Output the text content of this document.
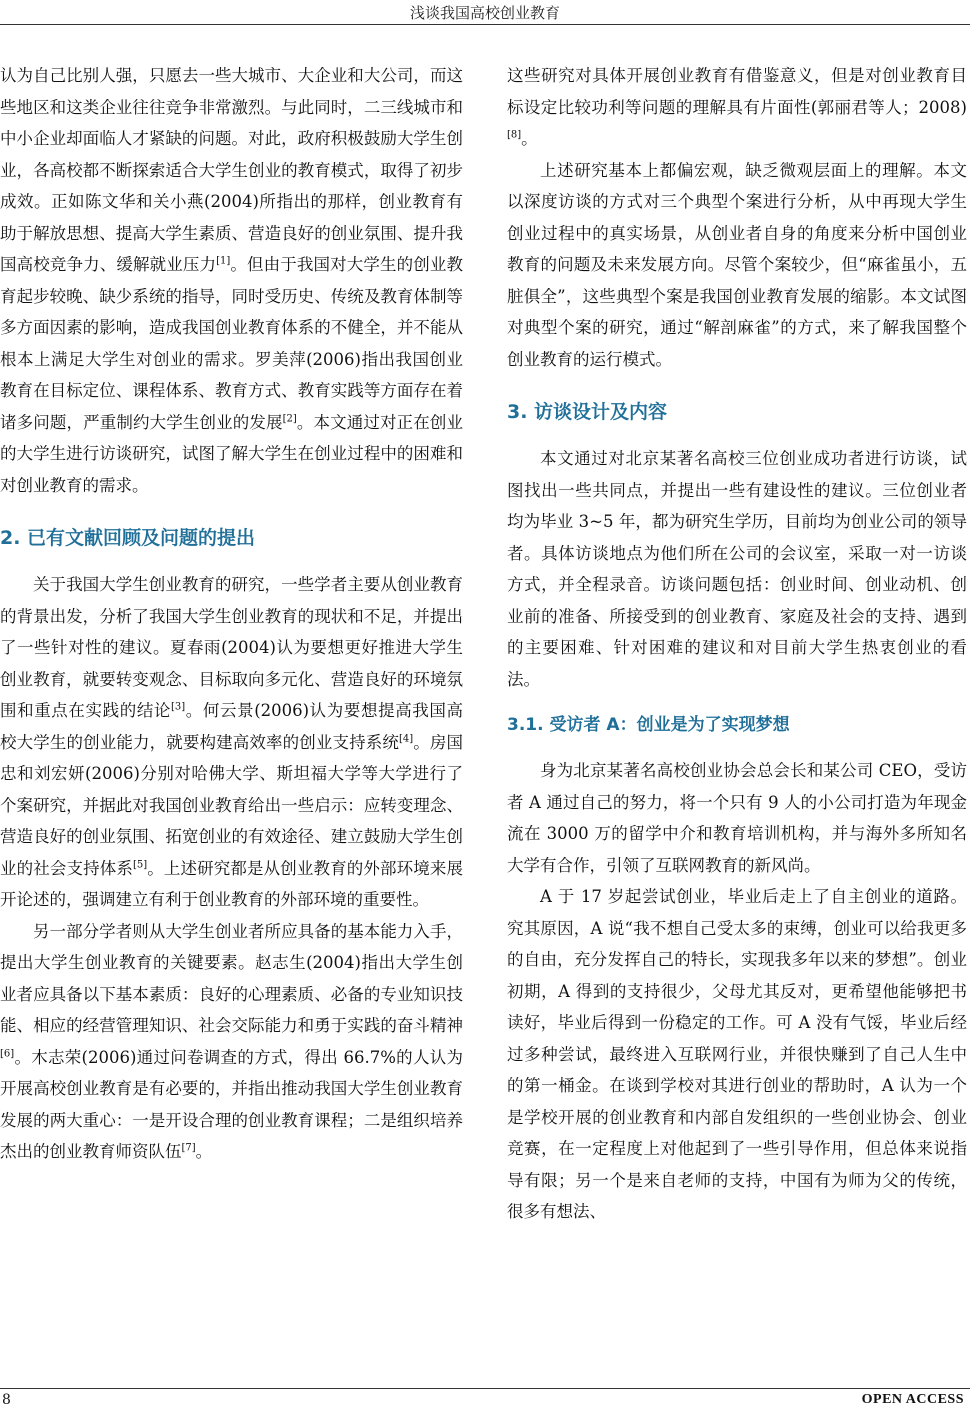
浅谈我国高校创业教育

认为自己比别人强，只愿去一些大城市、大企业和大公司，而这些地区和这类企业往往竞争非常激烈。与此同时，二三线城市和中小企业却面临人才紧缺的问题。对此，政府积极鼓励大学生创业，各高校都不断探索适合大学生创业的教育模式，取得了初步成效。正如陈文华和关小燕(2004)所指出的那样，创业教育有助于解放思想、提高大学生素质、营造良好的创业氛围、提升我国高校竞争力、缓解就业压力[1]。但由于我国对大学生的创业教育起步较晚、缺少系统的指导，同时受历史、传统及教育体制等多方面因素的影响，造成我国创业教育体系的不健全，并不能从根本上满足大学生对创业的需求。罗美萍(2006)指出我国创业教育在目标定位、课程体系、教育方式、教育实践等方面存在着诸多问题，严重制约大学生创业的发展[2]。本文通过对正在创业的大学生进行访谈研究，试图了解大学生在创业过程中的困难和对创业教育的需求。

2. 已有文献回顾及问题的提出

关于我国大学生创业教育的研究，一些学者主要从创业教育的背景出发，分析了我国大学生创业教育的现状和不足，并提出了一些针对性的建议。夏春雨(2004)认为要想更好推进大学生创业教育，就要转变观念、目标取向多元化、营造良好的环境氛围和重点在实践的结论[3]。何云景(2006)认为要想提高我国高校大学生的创业能力，就要构建高效率的创业支持系统[4]。房国忠和刘宏妍(2006)分别对哈佛大学、斯坦福大学等大学进行了个案研究，并据此对我国创业教育给出一些启示：应转变理念、营造良好的创业氛围、拓宽创业的有效途径、建立鼓励大学生创业的社会支持体系[5]。上述研究都是从创业教育的外部环境来展开论述的，强调建立有利于创业教育的外部环境的重要性。

另一部分学者则从大学生创业者所应具备的基本能力入手，提出大学生创业教育的关键要素。赵志生(2004)指出大学生创业者应具备以下基本素质：良好的心理素质、必备的专业知识技能、相应的经营管理知识、社会交际能力和勇于实践的奋斗精神[6]。木志荣(2006)通过问卷调查的方式，得出 66.7%的人认为开展高校创业教育是有必要的，并指出推动我国大学生创业教育发展的两大重心：一是开设合理的创业教育课程；二是组织培养杰出的创业教育师资队伍[7]。

这些研究对具体开展创业教育有借鉴意义，但是对创业教育目标设定比较功利等问题的理解具有片面性(郭丽君等人；2008)[8]。

上述研究基本上都偏宏观，缺乏微观层面上的理解。本文以深度访谈的方式对三个典型个案进行分析，从中再现大学生创业过程中的真实场景，从创业者自身的角度来分析中国创业教育的问题及未来发展方向。尽管个案较少，但“麻雀虽小，五脏俱全”，这些典型个案是我国创业教育发展的缩影。本文试图对典型个案的研究，通过“解剖麻雀”的方式，来了解我国整个创业教育的运行模式。

3. 访谈设计及内容

本文通过对北京某著名高校三位创业成功者进行访谈，试图找出一些共同点，并提出一些有建设性的建议。三位创业者均为毕业 3~5 年，都为研究生学历，目前均为创业公司的领导者。具体访谈地点为他们所在公司的会议室，采取一对一访谈方式，并全程录音。访谈问题包括：创业时间、创业动机、创业前的准备、所接受到的创业教育、家庭及社会的支持、遇到的主要困难、针对困难的建议和对目前大学生热衷创业的看法。

3.1. 受访者 A：创业是为了实现梦想

身为北京某著名高校创业协会总会长和某公司 CEO，受访者 A 通过自己的努力，将一个只有 9 人的小公司打造为年现金流在 3000 万的留学中介和教育培训机构，并与海外多所知名大学有合作，引领了互联网教育的新风尚。

A 于 17 岁起尝试创业，毕业后走上了自主创业的道路。究其原因，A 说“我不想自己受太多的束缚，创业可以给我更多的自由，充分发挥自己的特长，实现我多年以来的梦想”。创业初期，A 得到的支持很少，父母尤其反对，更希望他能够把书读好，毕业后得到一份稳定的工作。可 A 没有气馁，毕业后经过多种尝试，最终进入互联网行业，并很快赚到了自己人生中的第一桶金。在谈到学校对其进行创业的帮助时，A 认为一个是学校开展的创业教育和内部自发组织的一些创业协会、创业竞赛，在一定程度上对他起到了一些引导作用，但总体来说指导有限；另一个是来自老师的支持，中国有为师为父的传统，很多有想法、

8	OPEN ACCESS
